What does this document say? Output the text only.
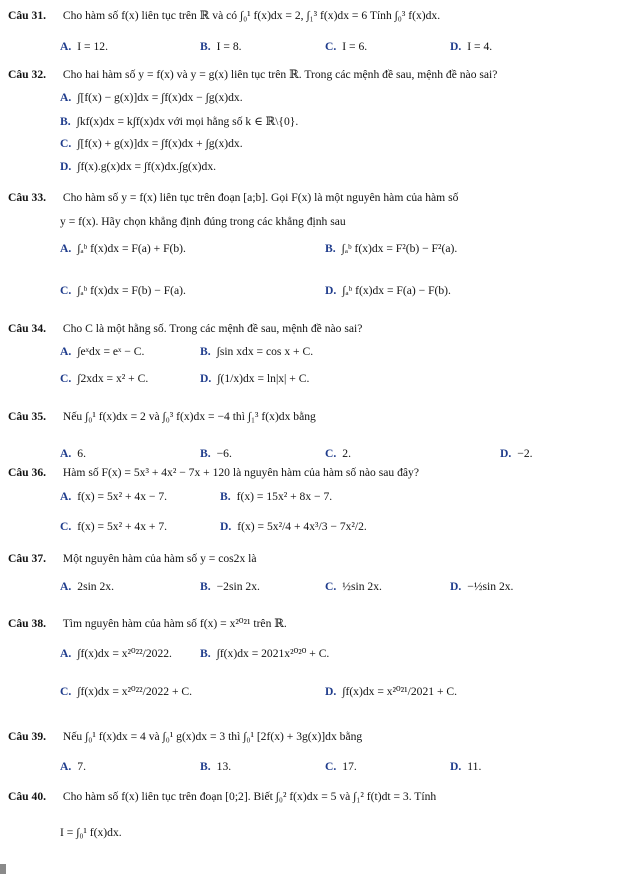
Câu 31. Cho hàm số f(x) liên tục trên ℝ và có ∫₀¹ f(x)dx = 2, ∫₁³ f(x)dx = 6 Tính ∫₀³ f(x)dx.
A. I = 12.	B. I = 8.	C. I = 6.	D. I = 4.
Câu 32. Cho hai hàm số y = f(x) và y = g(x) liên tục trên ℝ. Trong các mệnh đề sau, mệnh đề nào sai?
A. ∫[f(x) − g(x)]dx = ∫f(x)dx − ∫g(x)dx.
B. ∫kf(x)dx = k∫f(x)dx với mọi hằng số k ∈ ℝ\{0}.
C. ∫[f(x) + g(x)]dx = ∫f(x)dx + ∫g(x)dx.
D. ∫f(x).g(x)dx = ∫f(x)dx.∫g(x)dx.
Câu 33. Cho hàm số y = f(x) liên tục trên đoạn [a;b]. Gọi F(x) là một nguyên hàm của hàm số
y = f(x). Hãy chọn khẳng định đúng trong các khẳng định sau
A. ∫ₐᵇ f(x)dx = F(a) + F(b).	B. ∫ₐᵇ f(x)dx = F²(b) − F²(a).
C. ∫ₐᵇ f(x)dx = F(b) − F(a).	D. ∫ₐᵇ f(x)dx = F(a) − F(b).
Câu 34. Cho C là một hằng số. Trong các mệnh đề sau, mệnh đề nào sai?
A. ∫eˣdx = eˣ − C.	B. ∫sin xdx = cos x + C.
C. ∫2xdx = x² + C.	D. ∫(1/x)dx = ln|x| + C.
Câu 35. Nếu ∫₀¹ f(x)dx = 2 và ∫₀³ f(x)dx = −4 thì ∫₁³ f(x)dx bằng
A. 6.	B. −6.	C. 2.	D. −2.
Câu 36. Hàm số F(x) = 5x³ + 4x² − 7x + 120 là nguyên hàm của hàm số nào sau đây?
A. f(x) = 5x² + 4x − 7.	B. f(x) = 15x² + 8x − 7.
C. f(x) = 5x² + 4x + 7.	D. f(x) = 5x²/4 + 4x³/3 − 7x²/2.
Câu 37. Một nguyên hàm của hàm số y = cos2x là
A. 2sin 2x.	B. −2sin 2x.	C. ½sin 2x.	D. −½sin 2x.
Câu 38. Tìm nguyên hàm của hàm số f(x) = x²⁰²¹ trên ℝ.
A. ∫f(x)dx = x²⁰²²/2022. B. ∫f(x)dx = 2021x²⁰²⁰ + C.
C. ∫f(x)dx = x²⁰²²/2022 + C.	D. ∫f(x)dx = x²⁰²¹/2021 + C.
Câu 39. Nếu ∫₀¹ f(x)dx = 4 và ∫₀¹ g(x)dx = 3 thì ∫₀¹ [2f(x) + 3g(x)]dx bằng
A. 7.	B. 13.	C. 17.	D. 11.
Câu 40. Cho hàm số f(x) liên tục trên đoạn [0;2]. Biết ∫₀² f(x)dx = 5 và ∫₁² f(t)dt = 3. Tính
I = ∫₀¹ f(x)dx.
